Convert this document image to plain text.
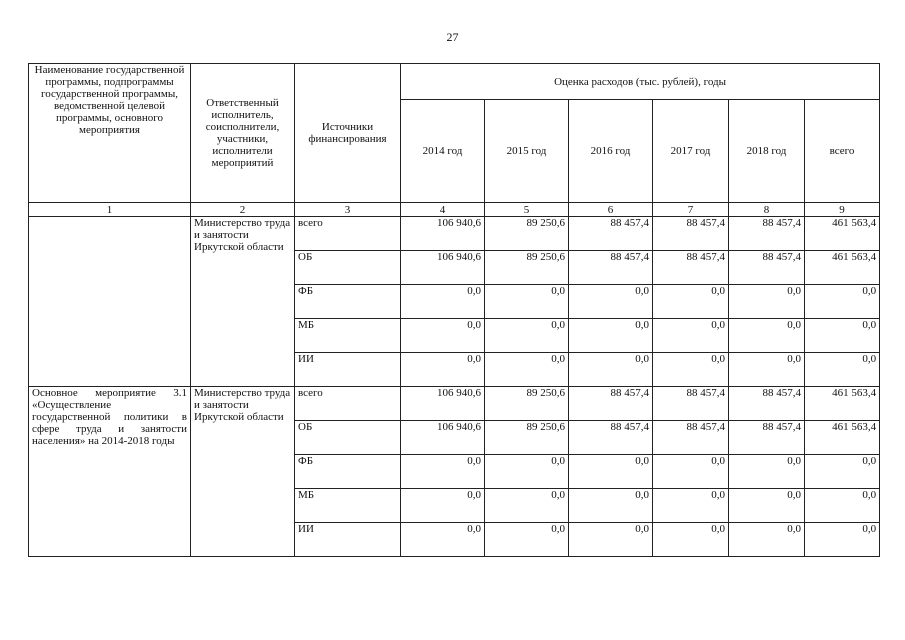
27
Наименование государственной программы, подпрограммы государственной программы, ведомственной целевой программы, основного мероприятия	Ответственный исполнитель, соисполнители, участники, исполнители мероприятий	Источники финансирования	Оценка расходов (тыс. рублей), годы					
			2014 год	2015 год	2016 год	2017 год	2018 год	всего
1	2	3	4	5	6	7	8	9
	Министерство труда и занятости Иркутской области	всего	106 940,6	89 250,6	88 457,4	88 457,4	88 457,4	461 563,4
		ОБ	106 940,6	89 250,6	88 457,4	88 457,4	88 457,4	461 563,4
		ФБ	0,0	0,0	0,0	0,0	0,0	0,0
		МБ	0,0	0,0	0,0	0,0	0,0	0,0
		ИИ	0,0	0,0	0,0	0,0	0,0	0,0
Основное мероприятие 3.1 «Осуществление государственной политики в сфере труда и занятости населения» на 2014-2018 годы	Министерство труда и занятости Иркутской области	всего	106 940,6	89 250,6	88 457,4	88 457,4	88 457,4	461 563,4
		ОБ	106 940,6	89 250,6	88 457,4	88 457,4	88 457,4	461 563,4
		ФБ	0,0	0,0	0,0	0,0	0,0	0,0
		МБ	0,0	0,0	0,0	0,0	0,0	0,0
		ИИ	0,0	0,0	0,0	0,0	0,0	0,0
